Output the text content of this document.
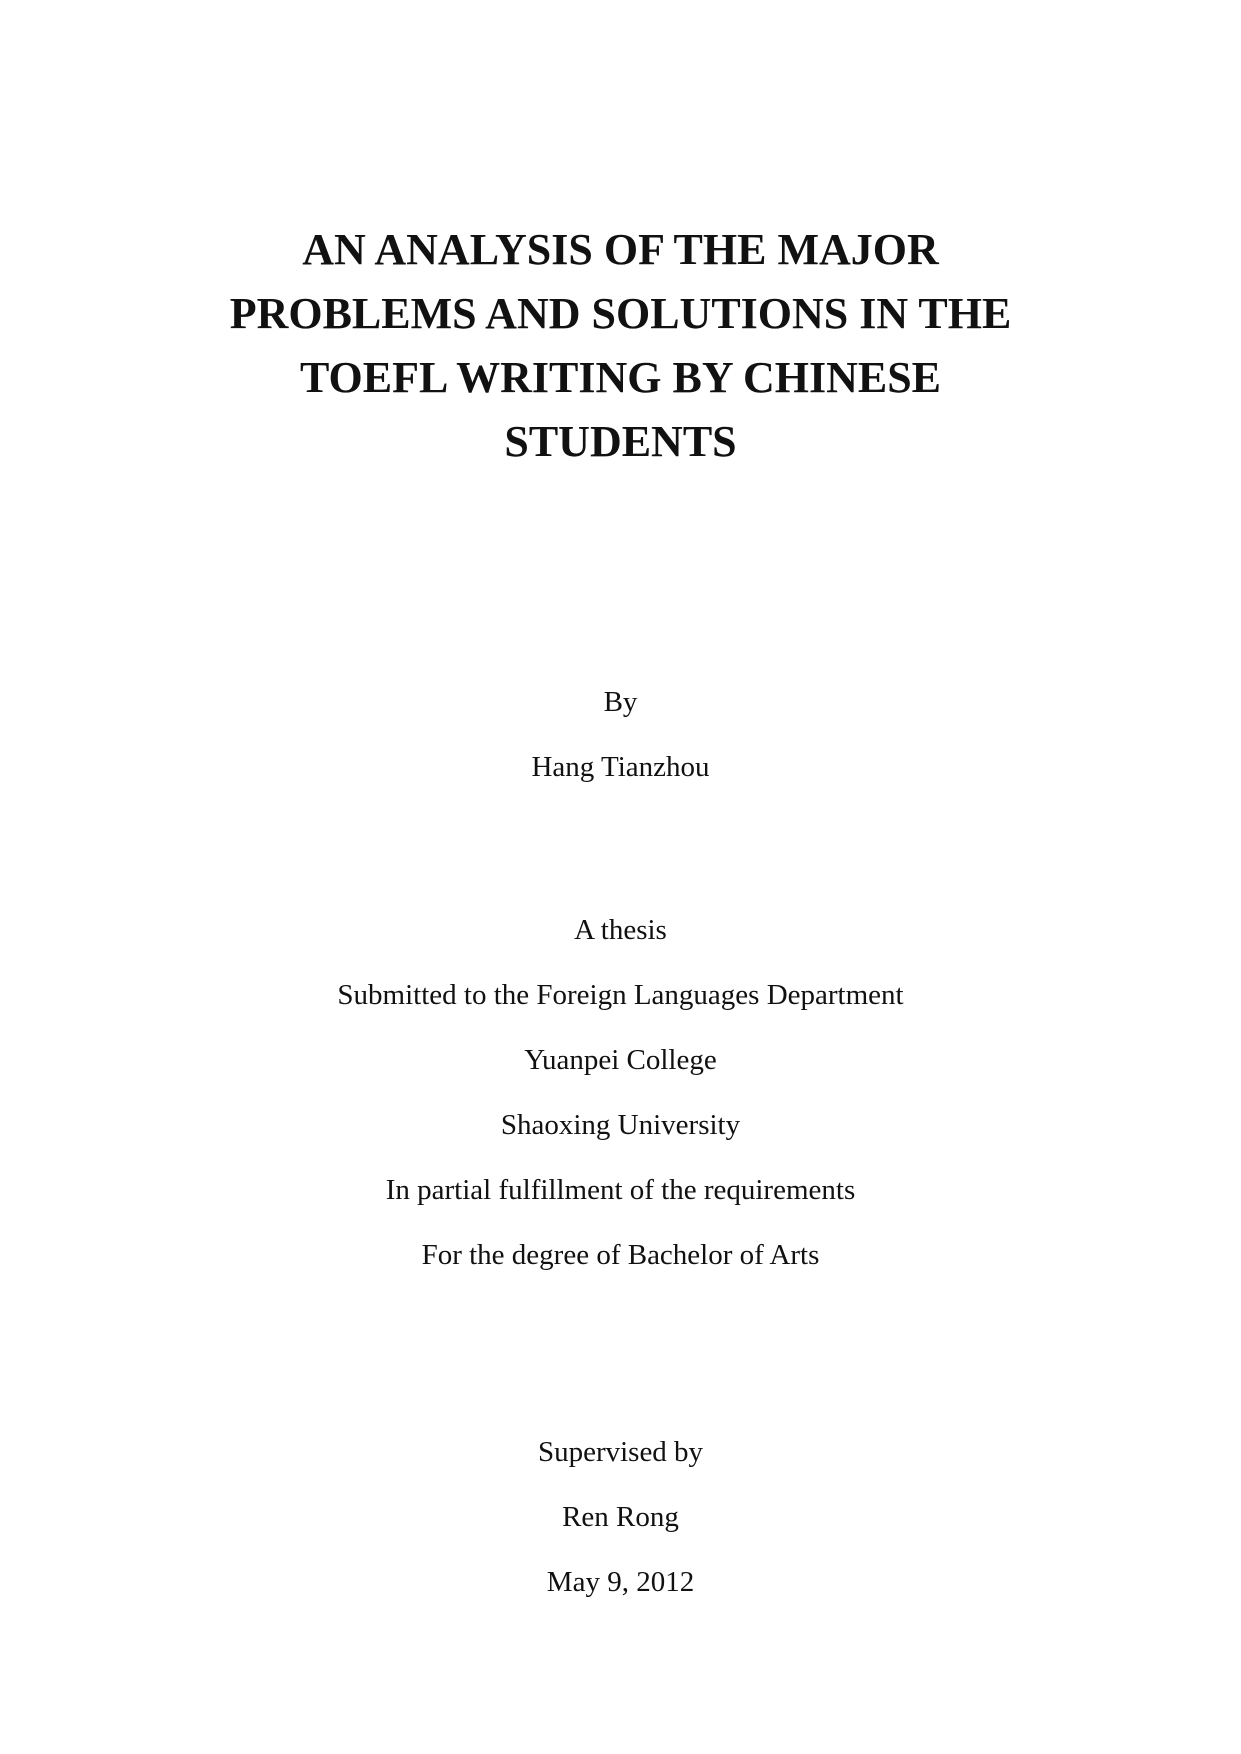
AN ANALYSIS OF THE MAJOR
PROBLEMS AND SOLUTIONS IN THE
TOEFL WRITING BY CHINESE
STUDENTS
By
Hang Tianzhou
A thesis
Submitted to the Foreign Languages Department
Yuanpei College
Shaoxing University
In partial fulfillment of the requirements
For the degree of Bachelor of Arts
Supervised by
Ren Rong
May 9, 2012
